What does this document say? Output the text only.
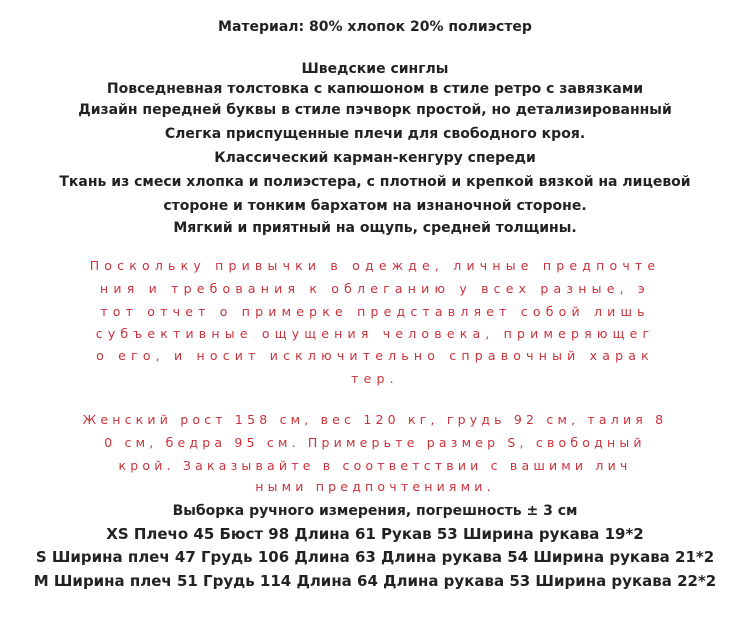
Материал: 80% хлопок 20% полиэстер
Шведские синглы
Повседневная толстовка с капюшоном в стиле ретро с завязками
Дизайн передней буквы в стиле пэчворк простой, но детализированный
Слегка приспущенные плечи для свободного кроя.
Классический карман-кенгуру спереди
Ткань из смеси хлопка и полиэстера, с плотной и крепкой вязкой на лицевой
стороне и тонким бархатом на изнаночной стороне.
Мягкий и приятный на ощупь, средней толщины.
Поскольку привычки в одежде, личные предпочте
ния и требования к облеганию у всех разные, э
тот отчет о примерке представляет собой лишь
субъективные ощущения человека, примеряющег
о его, и носит исключительно справочный харак
тер.
Женский рост 158 см, вес 120 кг, грудь 92 см, талия 8
0 см, бедра 95 см. Примерьте размер S, свободный
крой. Заказывайте в соответствии с вашими лич
ными предпочтениями.
Выборка ручного измерения, погрешность ± 3 см
XS Плечо 45 Бюст 98 Длина 61 Рукав 53 Ширина рукава 19*2
S Ширина плеч 47 Грудь 106 Длина 63 Длина рукава 54 Ширина рукава 21*2
M Ширина плеч 51 Грудь 114 Длина 64 Длина рукава 53 Ширина рукава 22*2
